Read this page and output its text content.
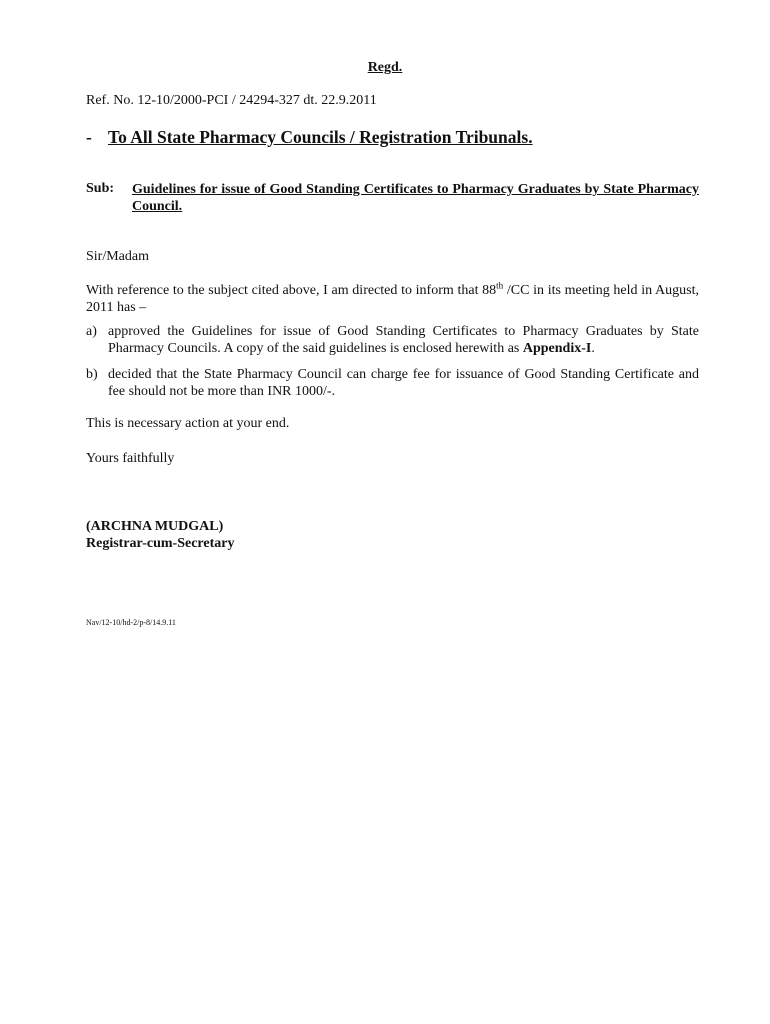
Regd.
Ref. No. 12-10/2000-PCI / 24294-327 dt. 22.9.2011
- To All State Pharmacy Councils / Registration Tribunals.
Sub:	Guidelines for issue of Good Standing Certificates to Pharmacy Graduates by State Pharmacy Council.
Sir/Madam
With reference to the subject cited above, I am directed to inform that 88th /CC in its meeting held in August, 2011 has –
a) approved the Guidelines for issue of Good Standing Certificates to Pharmacy Graduates by State Pharmacy Councils. A copy of the said guidelines is enclosed herewith as Appendix-I.
b) decided that the State Pharmacy Council can charge fee for issuance of Good Standing Certificate and fee should not be more than INR 1000/-.
This is necessary action at your end.
Yours faithfully
(ARCHNA MUDGAL)
Registrar-cum-Secretary
Nav/12-10/hd-2/p-8/14.9.11
